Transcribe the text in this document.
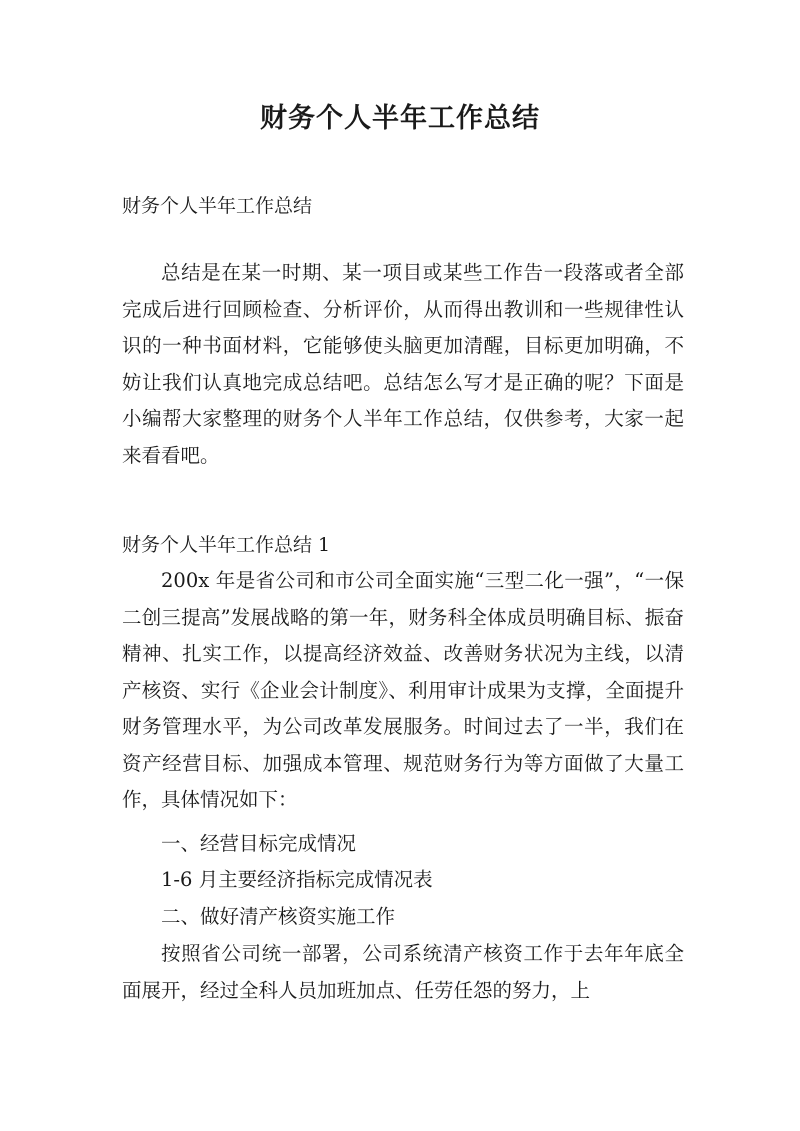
财务个人半年工作总结
财务个人半年工作总结

总结是在某一时期、某一项目或某些工作告一段落或者全部完成后进行回顾检查、分析评价，从而得出教训和一些规律性认识的一种书面材料，它能够使头脑更加清醒，目标更加明确，不妨让我们认真地完成总结吧。总结怎么写才是正确的呢？下面是小编帮大家整理的财务个人半年工作总结，仅供参考，大家一起来看看吧。

财务个人半年工作总结 1

200x 年是省公司和市公司全面实施“三型二化一强”，“一保二创三提高”发展战略的第一年，财务科全体成员明确目标、振奋精神、扎实工作，以提高经济效益、改善财务状况为主线，以清产核资、实行《企业会计制度》、利用审计成果为支撑，全面提升财务管理水平，为公司改革发展服务。时间过去了一半，我们在资产经营目标、加强成本管理、规范财务行为等方面做了大量工作，具体情况如下：

一、经营目标完成情况
1-6 月主要经济指标完成情况表
二、做好清产核资实施工作

按照省公司统一部署，公司系统清产核资工作于去年年底全面展开，经过全科人员加班加点、任劳任怨的努力，上
